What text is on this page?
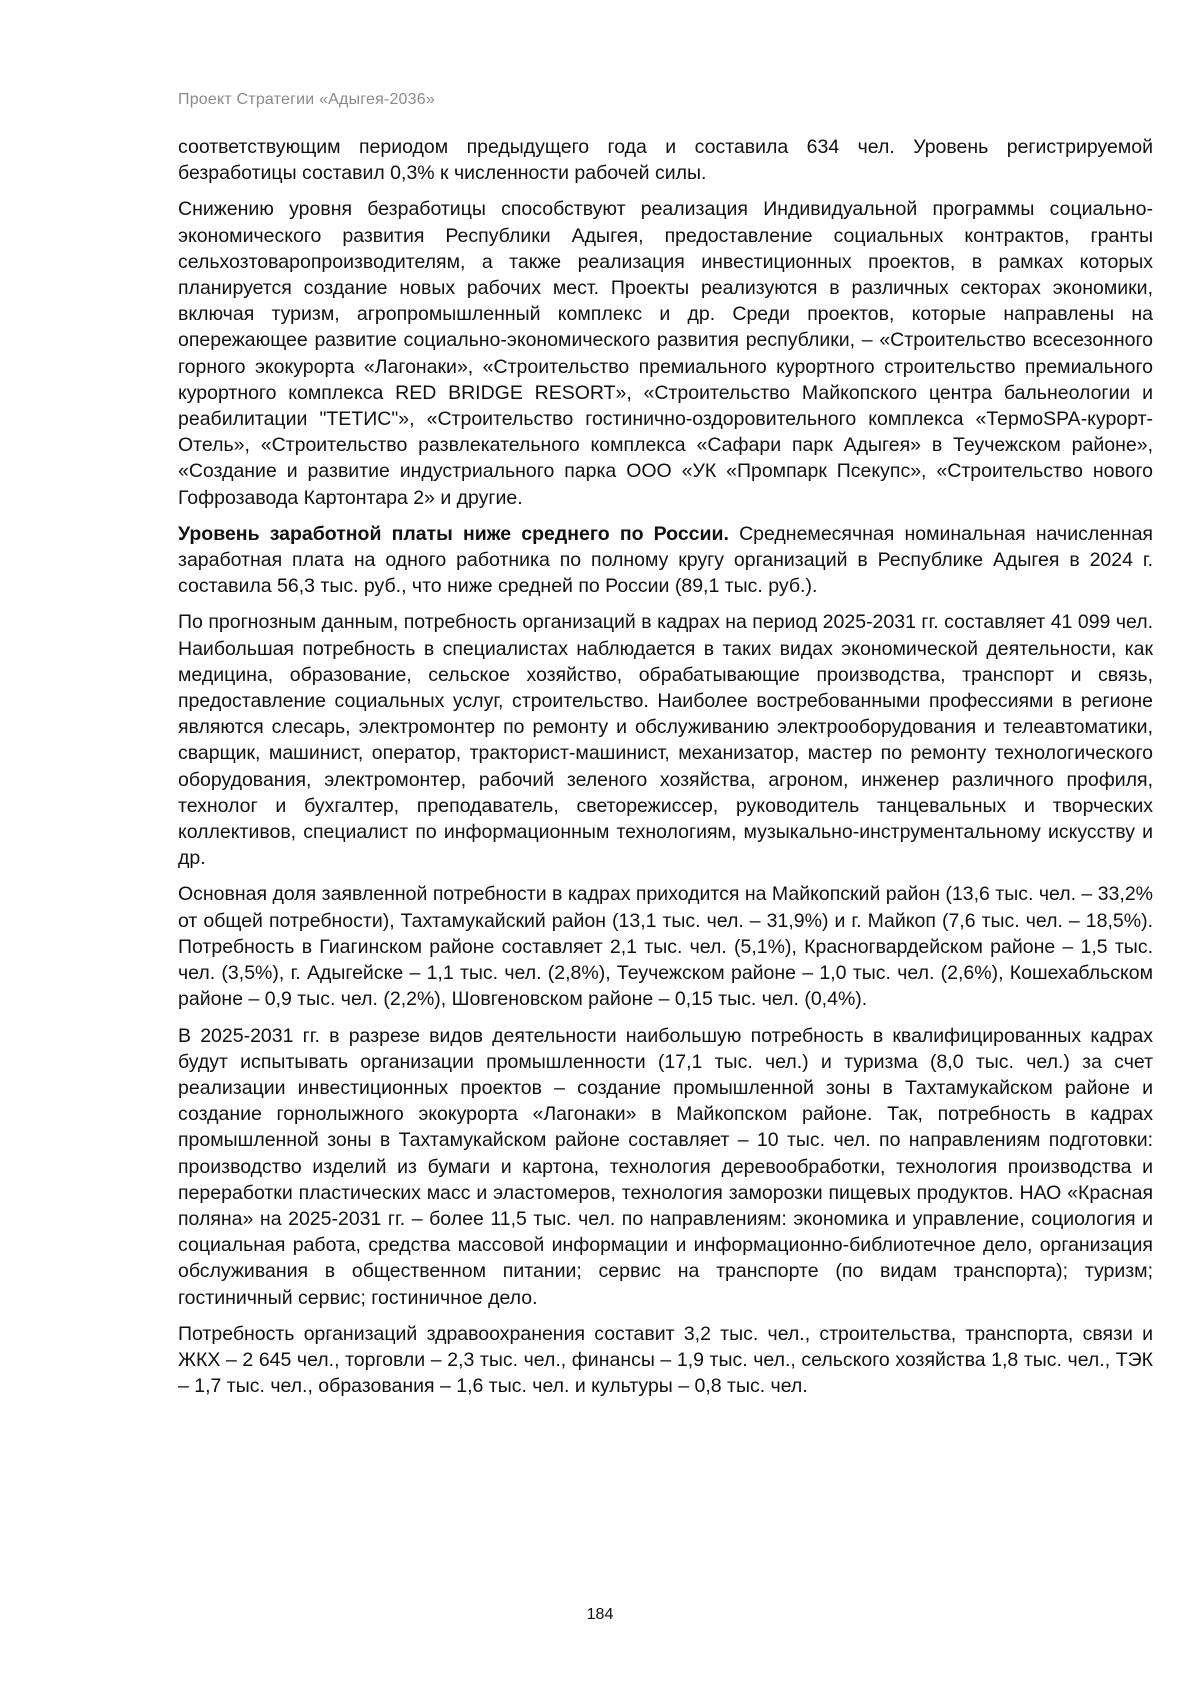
Проект Стратегии «Адыгея-2036»

соответствующим периодом предыдущего года и составила 634 чел. Уровень регистрируемой безработицы составил 0,3% к численности рабочей силы.

Снижению уровня безработицы способствуют реализация Индивидуальной программы социально-экономического развития Республики Адыгея, предоставление социальных контрактов, гранты сельхозтоваропроизводителям, а также реализация инвестиционных проектов, в рамках которых планируется создание новых рабочих мест. Проекты реализуются в различных секторах экономики, включая туризм, агропромышленный комплекс и др. Среди проектов, которые направлены на опережающее развитие социально-экономического развития республики, – «Строительство всесезонного горного экокурорта «Лагонаки», «Строительство премиального курортного строительство премиального курортного комплекса RED BRIDGE RESORT», «Строительство Майкопского центра бальнеологии и реабилитации "ТЕТИС"», «Строительство гостинично-оздоровительного комплекса «ТермоSPA-курорт-Отель», «Строительство развлекательного комплекса «Сафари парк Адыгея» в Теучежском районе», «Создание и развитие индустриального парка ООО «УК «Промпарк Псекупс», «Строительство нового Гофрозавода Картонтара 2» и другие.

Уровень заработной платы ниже среднего по России. Среднемесячная номинальная начисленная заработная плата на одного работника по полному кругу организаций в Республике Адыгея в 2024 г. составила 56,3 тыс. руб., что ниже средней по России (89,1 тыс. руб.).

По прогнозным данным, потребность организаций в кадрах на период 2025-2031 гг. составляет 41 099 чел. Наибольшая потребность в специалистах наблюдается в таких видах экономической деятельности, как медицина, образование, сельское хозяйство, обрабатывающие производства, транспорт и связь, предоставление социальных услуг, строительство. Наиболее востребованными профессиями в регионе являются слесарь, электромонтер по ремонту и обслуживанию электрооборудования и телеавтоматики, сварщик, машинист, оператор, тракторист-машинист, механизатор, мастер по ремонту технологического оборудования, электромонтер, рабочий зеленого хозяйства, агроном, инженер различного профиля, технолог и бухгалтер, преподаватель, светорежиссер, руководитель танцевальных и творческих коллективов, специалист по информационным технологиям, музыкально-инструментальному искусству и др.

Основная доля заявленной потребности в кадрах приходится на Майкопский район (13,6 тыс. чел. – 33,2% от общей потребности), Тахтамукайский район (13,1 тыс. чел. – 31,9%) и г. Майкоп (7,6 тыс. чел. – 18,5%). Потребность в Гиагинском районе составляет 2,1 тыс. чел. (5,1%), Красногвардейском районе – 1,5 тыс. чел. (3,5%), г. Адыгейске – 1,1 тыс. чел. (2,8%), Теучежском районе – 1,0 тыс. чел. (2,6%), Кошехабльском районе – 0,9 тыс. чел. (2,2%), Шовгеновском районе – 0,15 тыс. чел. (0,4%).

В 2025-2031 гг. в разрезе видов деятельности наибольшую потребность в квалифицированных кадрах будут испытывать организации промышленности (17,1 тыс. чел.) и туризма (8,0 тыс. чел.) за счет реализации инвестиционных проектов – создание промышленной зоны в Тахтамукайском районе и создание горнолыжного экокурорта «Лагонаки» в Майкопском районе. Так, потребность в кадрах промышленной зоны в Тахтамукайском районе составляет – 10 тыс. чел. по направлениям подготовки: производство изделий из бумаги и картона, технология деревообработки, технология производства и переработки пластических масс и эластомеров, технология заморозки пищевых продуктов. НАО «Красная поляна» на 2025-2031 гг. – более 11,5 тыс. чел. по направлениям: экономика и управление, социология и социальная работа, средства массовой информации и информационно-библиотечное дело, организация обслуживания в общественном питании; сервис на транспорте (по видам транспорта); туризм; гостиничный сервис; гостиничное дело.

Потребность организаций здравоохранения составит 3,2 тыс. чел., строительства, транспорта, связи и ЖКХ – 2 645 чел., торговли – 2,3 тыс. чел., финансы – 1,9 тыс. чел., сельского хозяйства 1,8 тыс. чел., ТЭК – 1,7 тыс. чел., образования – 1,6 тыс. чел. и культуры – 0,8 тыс. чел.

184
